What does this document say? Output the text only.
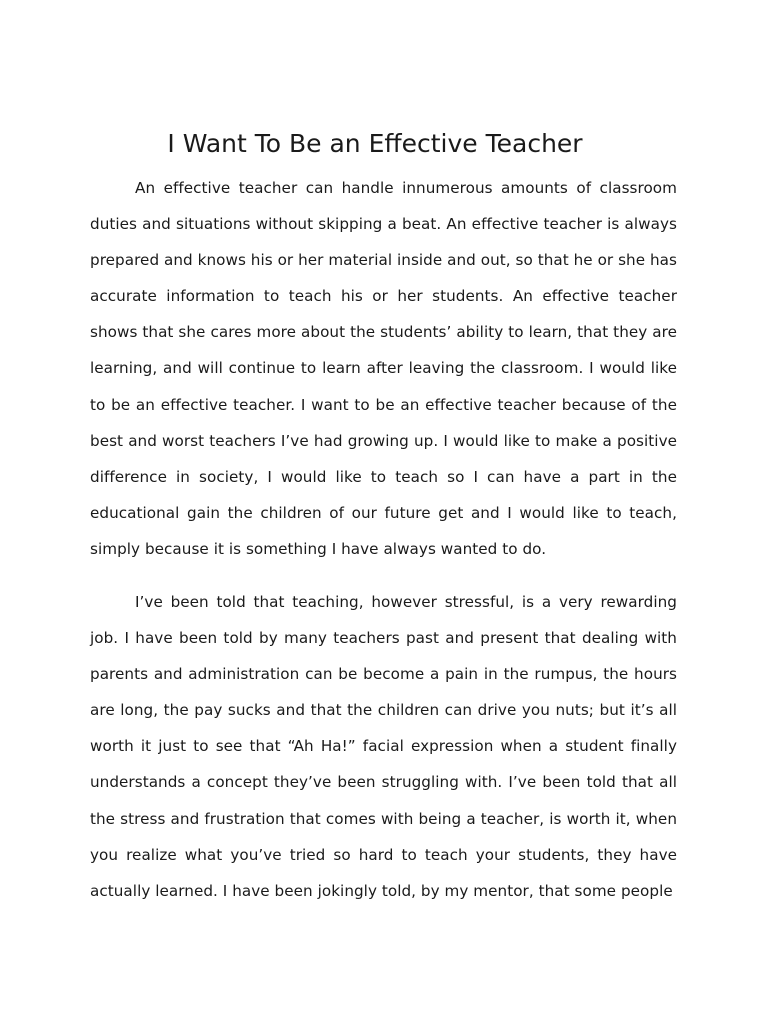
I Want To Be an Effective Teacher

An effective teacher can handle innumerous amounts of classroom duties and situations without skipping a beat. An effective teacher is always prepared and knows his or her material inside and out, so that he or she has accurate information to teach his or her students. An effective teacher shows that she cares more about the students’ ability to learn, that they are learning, and will continue to learn after leaving the classroom. I would like to be an effective teacher. I want to be an effective teacher because of the best and worst teachers I’ve had growing up. I would like to make a positive difference in society, I would like to teach so I can have a part in the educational gain the children of our future get and I would like to teach, simply because it is something I have always wanted to do.

I’ve been told that teaching, however stressful, is a very rewarding job. I have been told by many teachers past and present that dealing with parents and administration can be become a pain in the rumpus, the hours are long, the pay sucks and that the children can drive you nuts; but it’s all worth it just to see that “Ah Ha!” facial expression when a student finally understands a concept they’ve been struggling with. I’ve been told that all the stress and frustration that comes with being a teacher, is worth it, when you realize what you’ve tried so hard to teach your students, they have actually learned. I have been jokingly told, by my mentor, that some people
